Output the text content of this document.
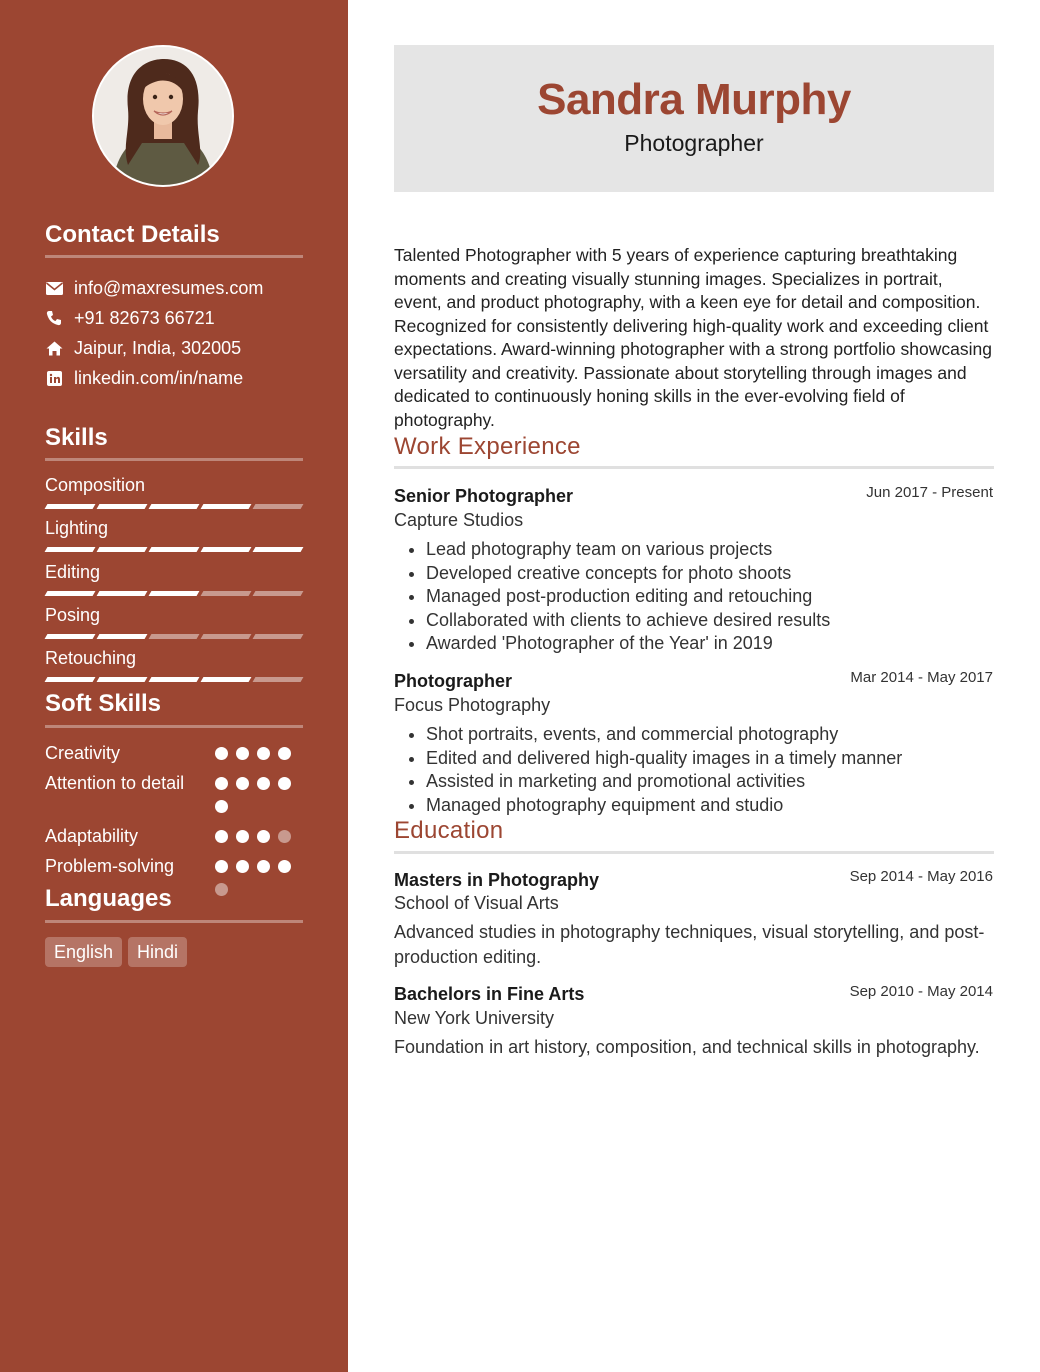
Contact Details
info@maxresumes.com
+91 82673 66721
Jaipur, India, 302005
linkedin.com/in/name
Skills
Composition
Lighting
Editing
Posing
Retouching
Soft Skills
Creativity
Attention to detail
Adaptability
Problem-solving
Languages
English	Hindi
Sandra Murphy
Photographer
Talented Photographer with 5 years of experience capturing breathtaking moments and creating visually stunning images. Specializes in portrait, event, and product photography, with a keen eye for detail and composition. Recognized for consistently delivering high-quality work and exceeding client expectations. Award-winning photographer with a strong portfolio showcasing versatility and creativity. Passionate about storytelling through images and dedicated to continuously honing skills in the ever-evolving field of photography.
Work Experience
Senior Photographer	Jun 2017 - Present
Capture Studios
• Lead photography team on various projects
• Developed creative concepts for photo shoots
• Managed post-production editing and retouching
• Collaborated with clients to achieve desired results
• Awarded 'Photographer of the Year' in 2019
Photographer	Mar 2014 - May 2017
Focus Photography
• Shot portraits, events, and commercial photography
• Edited and delivered high-quality images in a timely manner
• Assisted in marketing and promotional activities
• Managed photography equipment and studio
Education
Masters in Photography	Sep 2014 - May 2016
School of Visual Arts
Advanced studies in photography techniques, visual storytelling, and post-production editing.
Bachelors in Fine Arts	Sep 2010 - May 2014
New York University
Foundation in art history, composition, and technical skills in photography.
